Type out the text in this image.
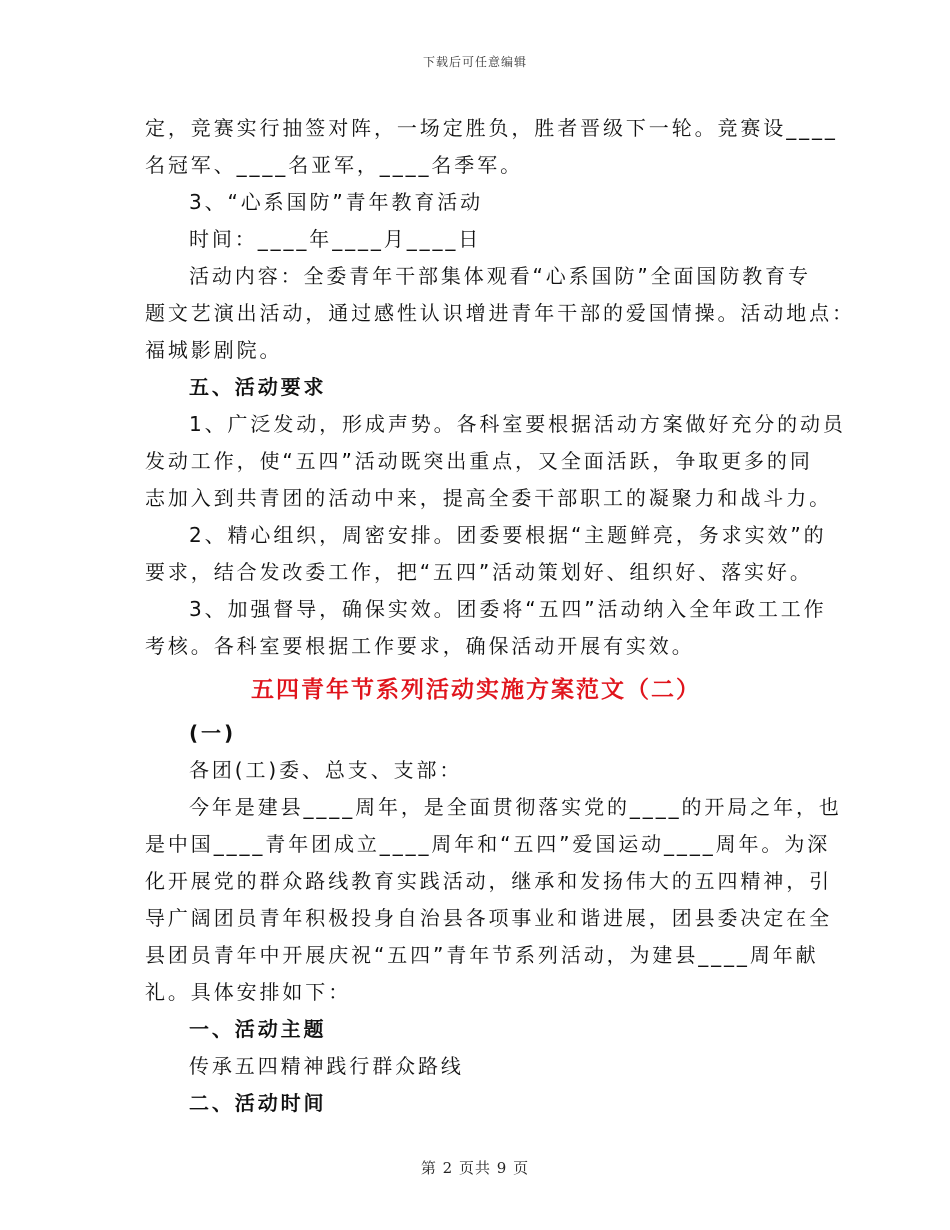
下载后可任意编辑
定，竞赛实行抽签对阵，一场定胜负，胜者晋级下一轮。竞赛设____
名冠军、____名亚军，____名季军。
3、“心系国防”青年教育活动
时间：____年____月____日
活动内容：全委青年干部集体观看“心系国防”全面国防教育专
题文艺演出活动，通过感性认识增进青年干部的爱国情操。活动地点：
福城影剧院。
五、活动要求
1、广泛发动，形成声势。各科室要根据活动方案做好充分的动员
发动工作，使“五四”活动既突出重点，又全面活跃，争取更多的同
志加入到共青团的活动中来，提高全委干部职工的凝聚力和战斗力。
2、精心组织，周密安排。团委要根据“主题鲜亮，务求实效”的
要求，结合发改委工作，把“五四”活动策划好、组织好、落实好。
3、加强督导，确保实效。团委将“五四”活动纳入全年政工工作
考核。各科室要根据工作要求，确保活动开展有实效。
五四青年节系列活动实施方案范文（二）
(一)
各团(工)委、总支、支部：
今年是建县____周年，是全面贯彻落实党的____的开局之年，也
是中国____青年团成立____周年和“五四”爱国运动____周年。为深
化开展党的群众路线教育实践活动，继承和发扬伟大的五四精神，引
导广阔团员青年积极投身自治县各项事业和谐进展，团县委决定在全
县团员青年中开展庆祝“五四”青年节系列活动，为建县____周年献
礼。具体安排如下：
一、活动主题
传承五四精神践行群众路线
二、活动时间
第 2 页共 9 页
